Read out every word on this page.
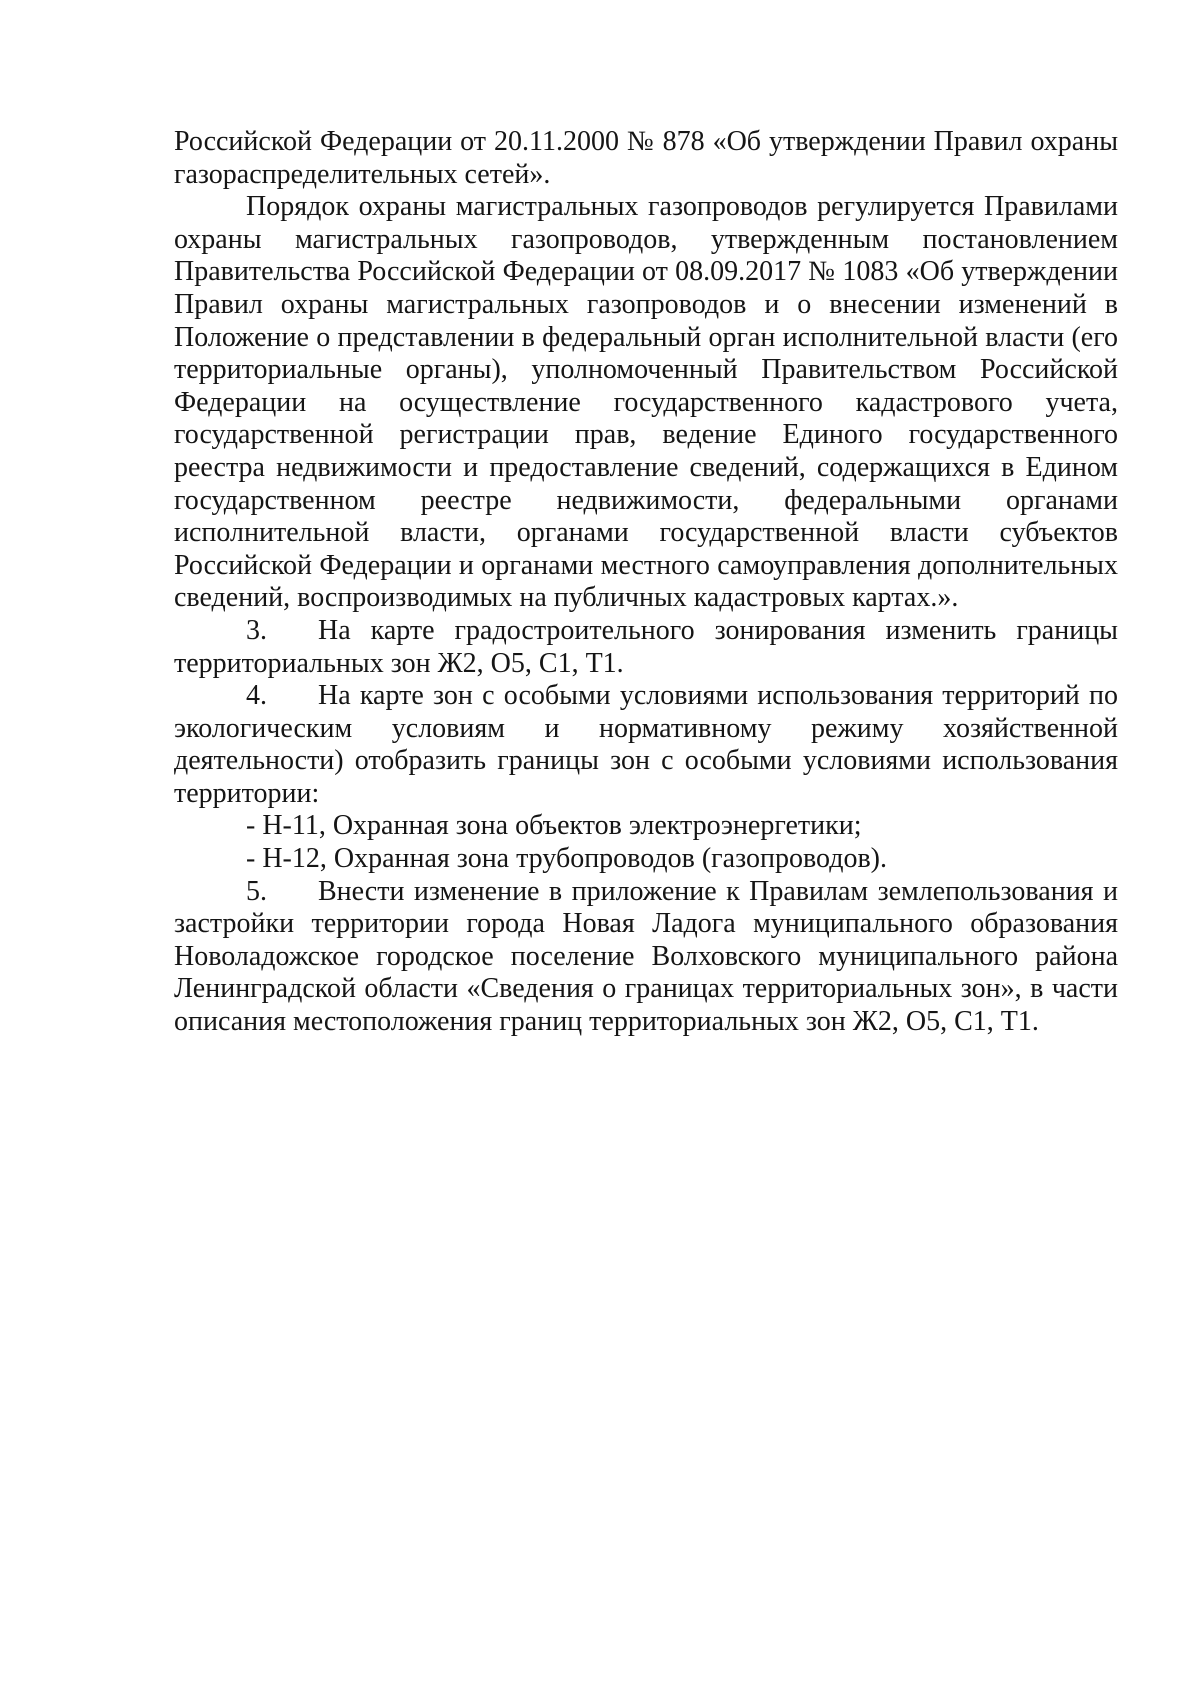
Российской Федерации от 20.11.2000 № 878 «Об утверждении Правил охраны газораспределительных сетей».

Порядок охраны магистральных газопроводов регулируется Правилами охраны магистральных газопроводов, утвержденным постановлением Правительства Российской Федерации от 08.09.2017 № 1083 «Об утверждении Правил охраны магистральных газопроводов и о внесении изменений в Положение о представлении в федеральный орган исполнительной власти (его территориальные органы), уполномоченный Правительством Российской Федерации на осуществление государственного кадастрового учета, государственной регистрации прав, ведение Единого государственного реестра недвижимости и предоставление сведений, содержащихся в Едином государственном реестре недвижимости, федеральными органами исполнительной власти, органами государственной власти субъектов Российской Федерации и органами местного самоуправления дополнительных сведений, воспроизводимых на публичных кадастровых картах.».

3. На карте градостроительного зонирования изменить границы территориальных зон Ж2, О5, С1, Т1.

4. На карте зон с особыми условиями использования территорий по экологическим условиям и нормативному режиму хозяйственной деятельности) отобразить границы зон с особыми условиями использования территории:

- Н-11, Охранная зона объектов электроэнергетики;

- Н-12, Охранная зона трубопроводов (газопроводов).

5. Внести изменение в приложение к Правилам землепользования и застройки территории города Новая Ладога муниципального образования Новоладожское городское поселение Волховского муниципального района Ленинградской области «Сведения о границах территориальных зон», в части описания местоположения границ территориальных зон Ж2, О5, С1, Т1.
